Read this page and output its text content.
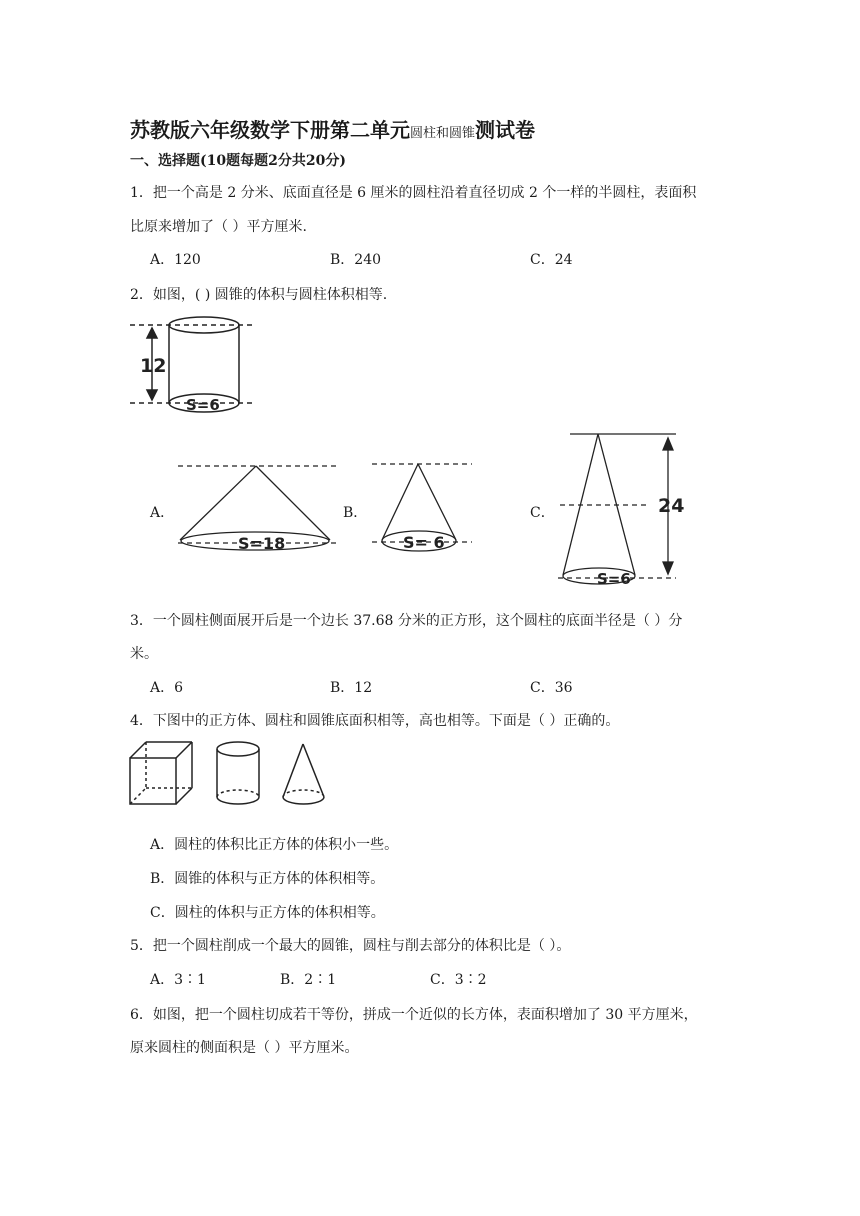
苏教版六年级数学下册第二单元圆柱和圆锥测试卷
一、选择题(10题每题2分共20分)
1．把一个高是 2 分米、底面直径是 6 厘米的圆柱沿着直径切成 2 个一样的半圆柱，表面积
比原来增加了（ ）平方厘米.
A．120	B．240	C．24
2．如图，( ) 圆锥的体积与圆柱体积相等.
12
S=6
S=18	S= 6
24
S=6
A．	B．	C．
3．一个圆柱侧面展开后是一个边长 37.68 分米的正方形，这个圆柱的底面半径是（ ）分
米。
A．6	B．12	C．36
4．下图中的正方体、圆柱和圆锥底面积相等，高也相等。下面是（ ）正确的。
A．圆柱的体积比正方体的体积小一些。
B．圆锥的体积与正方体的体积相等。
C．圆柱的体积与正方体的体积相等。
5．把一个圆柱削成一个最大的圆锥，圆柱与削去部分的体积比是（ ）。
A．3∶1	B．2∶1	C．3∶2
6．如图，把一个圆柱切成若干等份，拼成一个近似的长方体，表面积增加了 30 平方厘米，
原来圆柱的侧面积是（ ）平方厘米。
